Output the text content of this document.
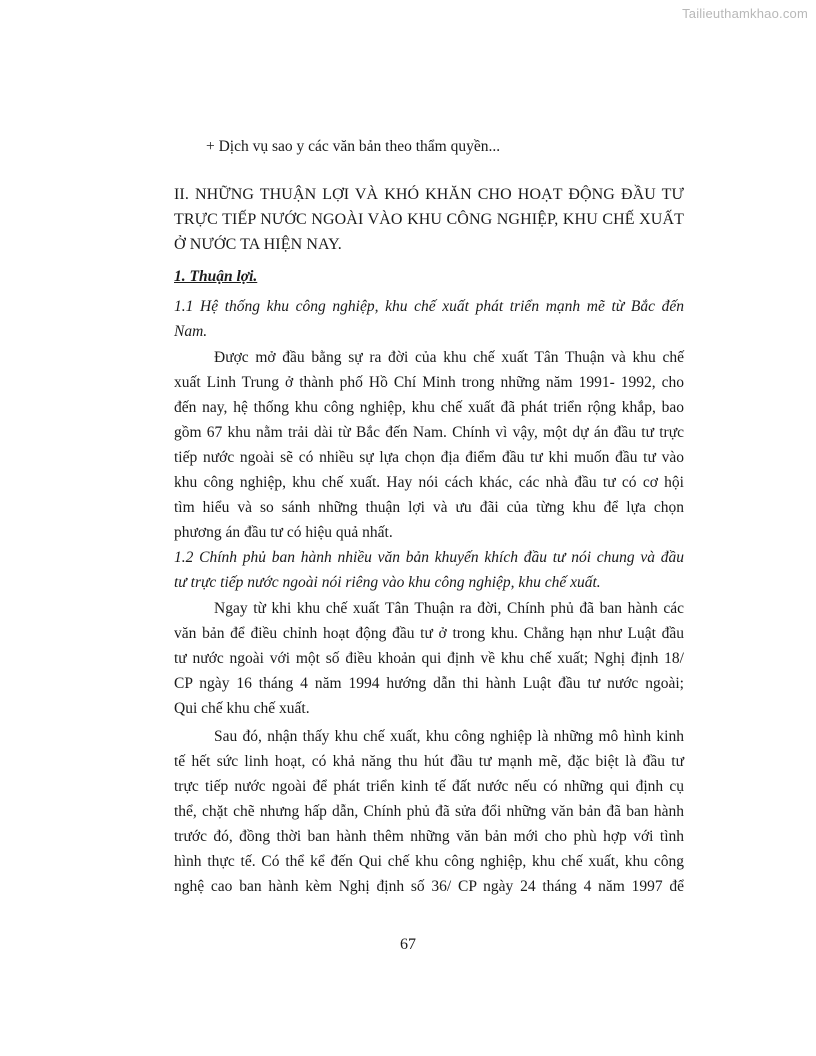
Tailieuthamkhao.com
+ Dịch vụ sao y các văn bản theo thẩm quyền...
II. NHỮNG THUẬN LỢI VÀ KHÓ KHĂN CHO HOẠT ĐỘNG ĐẦU TƯ
TRỰC TIẾP NƯỚC NGOÀI VÀO KHU CÔNG NGHIỆP, KHU CHẾ XUẤT
Ở NƯỚC TA HIỆN NAY.
1. Thuận lợi.
1.1 Hệ thống khu công nghiệp, khu chế xuất phát triển mạnh mẽ từ Bắc đến
Nam.
Được mở đầu bằng sự ra đời của khu chế xuất Tân Thuận và khu chế
xuất Linh Trung ở thành phố Hồ Chí Minh trong những năm 1991- 1992, cho
đến nay, hệ thống khu công nghiệp, khu chế xuất đã phát triển rộng khắp, bao
gồm 67 khu nằm trải dài từ Bắc đến Nam. Chính vì vậy, một dự án đầu tư trực
tiếp nước ngoài sẽ có nhiều sự lựa chọn địa điểm đầu tư khi muốn đầu tư vào
khu công nghiệp, khu chế xuất. Hay nói cách khác, các nhà đầu tư có cơ hội
tìm hiểu và so sánh những thuận lợi và ưu đãi của từng khu để lựa chọn
phương án đầu tư có hiệu quả nhất.
1.2 Chính phủ ban hành nhiều văn bản khuyến khích đầu tư nói chung và đầu
tư trực tiếp nước ngoài nói riêng vào khu công nghiệp, khu chế xuất.
Ngay từ khi khu chế xuất Tân Thuận ra đời, Chính phủ đã ban hành các
văn bản để điều chỉnh hoạt động đầu tư ở trong khu. Chẳng hạn như Luật đầu
tư nước ngoài với một số điều khoản qui định về khu chế xuất; Nghị định 18/
CP ngày 16 tháng 4 năm 1994 hướng dẫn thi hành Luật đầu tư nước ngoài;
Qui chế khu chế xuất.
Sau đó, nhận thấy khu chế xuất, khu công nghiệp là những mô hình kinh
tế hết sức linh hoạt, có khả năng thu hút đầu tư mạnh mẽ, đặc biệt là đầu tư
trực tiếp nước ngoài để phát triển kinh tế đất nước nếu có những qui định cụ
thể, chặt chẽ nhưng hấp dẫn, Chính phủ đã sửa đổi những văn bản đã ban hành
trước đó, đồng thời ban hành thêm những văn bản mới cho phù hợp với tình
hình thực tế. Có thể kể đến Qui chế khu công nghiệp, khu chế xuất, khu công
nghệ cao ban hành kèm Nghị định số 36/ CP ngày 24 tháng 4 năm 1997 để
67
